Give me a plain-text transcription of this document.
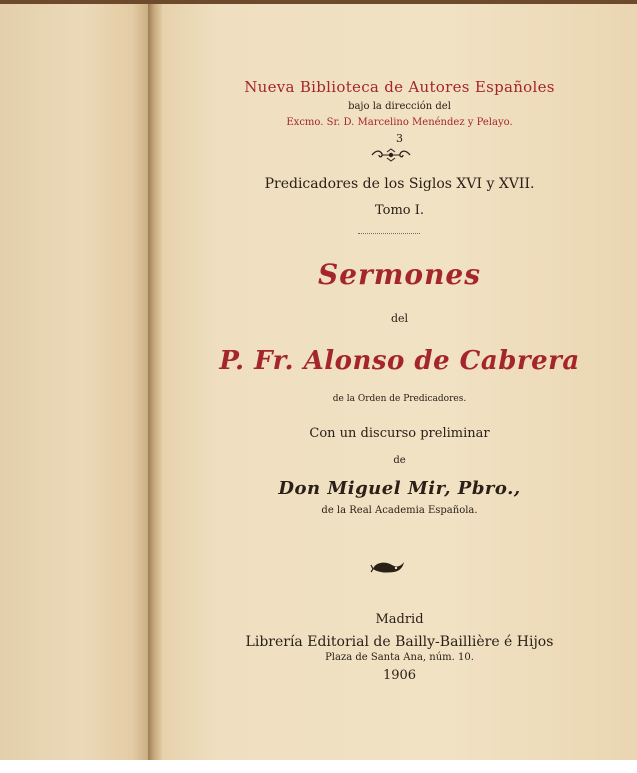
Nueva Biblioteca de Autores Españoles
bajo la dirección del
Excmo. Sr. D. Marcelino Menéndez y Pelayo.
3
Predicadores de los Siglos XVI y XVII.
Tomo I.
Sermones
del
P. Fr. Alonso de Cabrera
de la Orden de Predicadores.
Con un discurso preliminar
de
Don Miguel Mir, Pbro.,
de la Real Academia Española.
Madrid
Librería Editorial de Bailly-Baillière é Hijos
Plaza de Santa Ana, núm. 10.
1906
